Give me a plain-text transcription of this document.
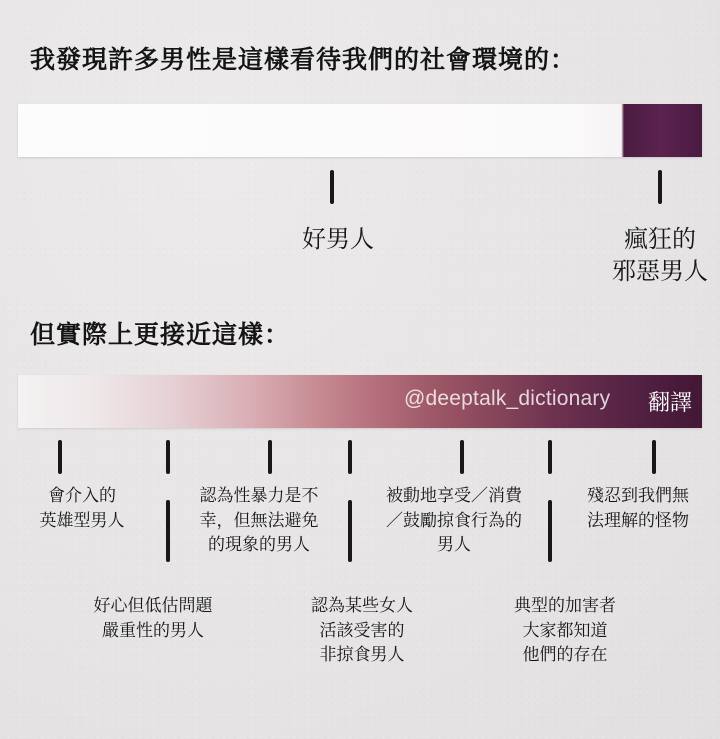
我發現許多男性是這樣看待我們的社會環境的：
好男人	瘋狂的
邪惡男人
但實際上更接近這樣：
@deeptalk_dictionary 翻譯
會介入的
英雄型男人
認為性暴力是不
幸，但無法避免
的現象的男人
被動地享受／消費
／鼓勵掠食行為的
男人
殘忍到我們無
法理解的怪物
好心但低估問題
嚴重性的男人
認為某些女人
活該受害的
非掠食男人
典型的加害者
大家都知道
他們的存在
